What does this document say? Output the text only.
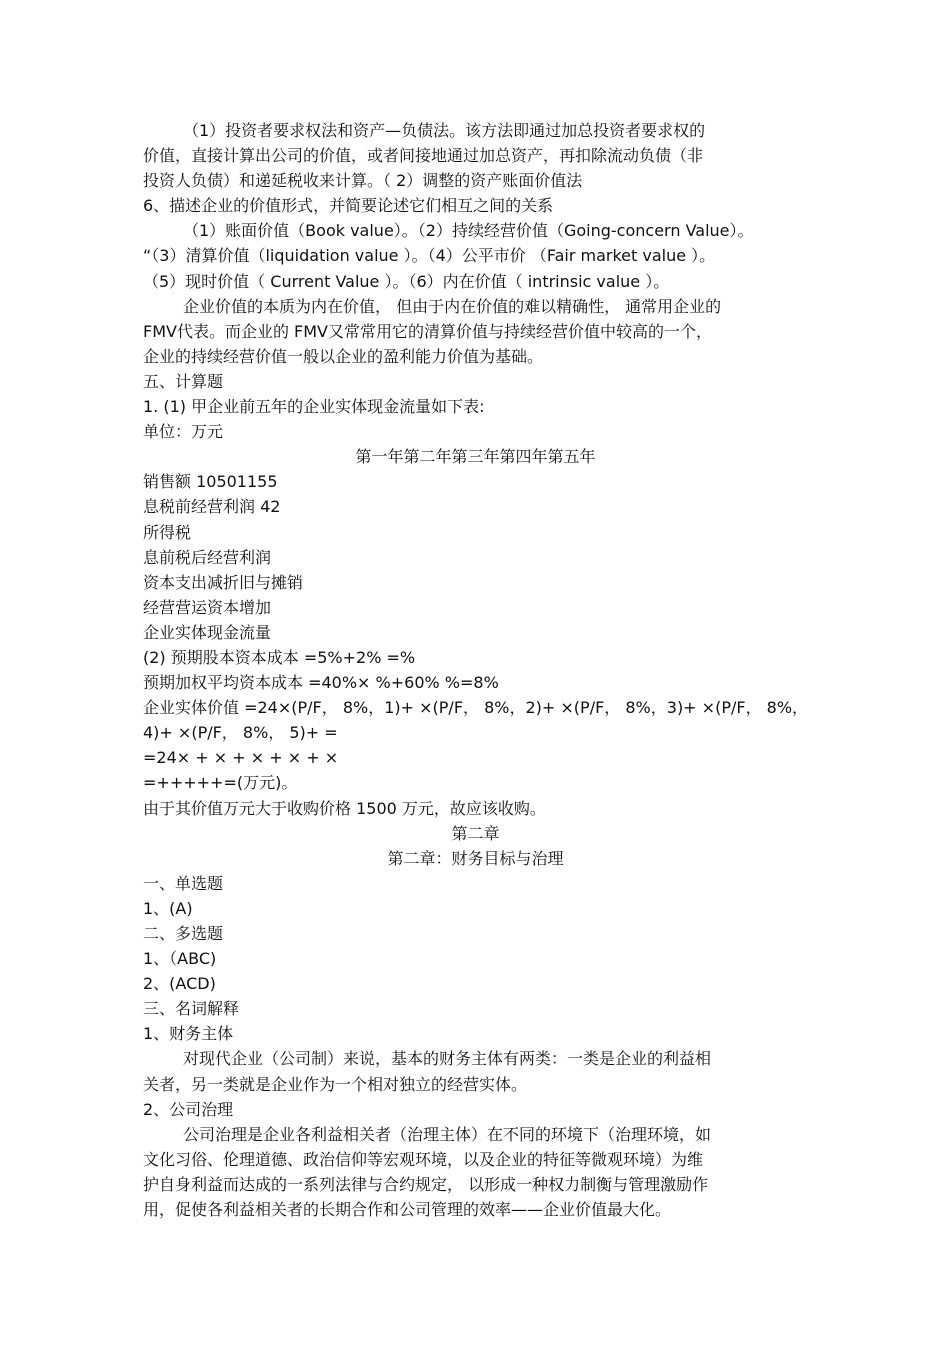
（1）投资者要求权法和资产—负债法。该方法即通过加总投资者要求权的
价值，直接计算出公司的价值，或者间接地通过加总资产，再扣除流动负债（非
投资人负债）和递延税收来计算。（ 2）调整的资产账面价值法
6、描述企业的价值形式，并简要论述它们相互之间的关系
（1）账面价值（Book value）。（2）持续经营价值（Going-concern Value）。
“（3）清算价值（liquidation value ）。（4）公平市价 （Fair market value ）。
（5）现时价值（ Current Value ）。（6）内在价值（ intrinsic value ）。
企业价值的本质为内在价值， 但由于内在价值的难以精确性， 通常用企业的
FMV代表。而企业的 FMV又常常用它的清算价值与持续经营价值中较高的一个，
企业的持续经营价值一般以企业的盈利能力价值为基础。
五、计算题
1. (1) 甲企业前五年的企业实体现金流量如下表:
单位：万元
第一年第二年第三年第四年第五年
销售额 10501155
息税前经营利润 42
所得税
息前税后经营利润
资本支出减折旧与摊销
经营营运资本增加
企业实体现金流量
(2) 预期股本资本成本 =5%+2% =%
预期加权平均资本成本 =40%× %+60% %=8%
企业实体价值 =24×(P/F， 8%，1)+ ×(P/F， 8%，2)+ ×(P/F， 8%，3)+ ×(P/F， 8%，
4)+ ×(P/F， 8%， 5)+ =
=24× + × + × + × + ×
=+++++=(万元)。
由于其价值万元大于收购价格 1500 万元，故应该收购。
第二章
第二章：财务目标与治理
一、单选题
1、(A)
二、多选题
1、（ABC)
2、(ACD)
三、名词解释
1、财务主体
对现代企业（公司制）来说，基本的财务主体有两类：一类是企业的利益相
关者，另一类就是企业作为一个相对独立的经营实体。
2、公司治理
公司治理是企业各利益相关者（治理主体）在不同的环境下（治理环境，如
文化习俗、伦理道德、政治信仰等宏观环境，以及企业的特征等微观环境）为维
护自身利益而达成的一系列法律与合约规定， 以形成一种权力制衡与管理激励作
用，促使各利益相关者的长期合作和公司管理的效率——企业价值最大化。
